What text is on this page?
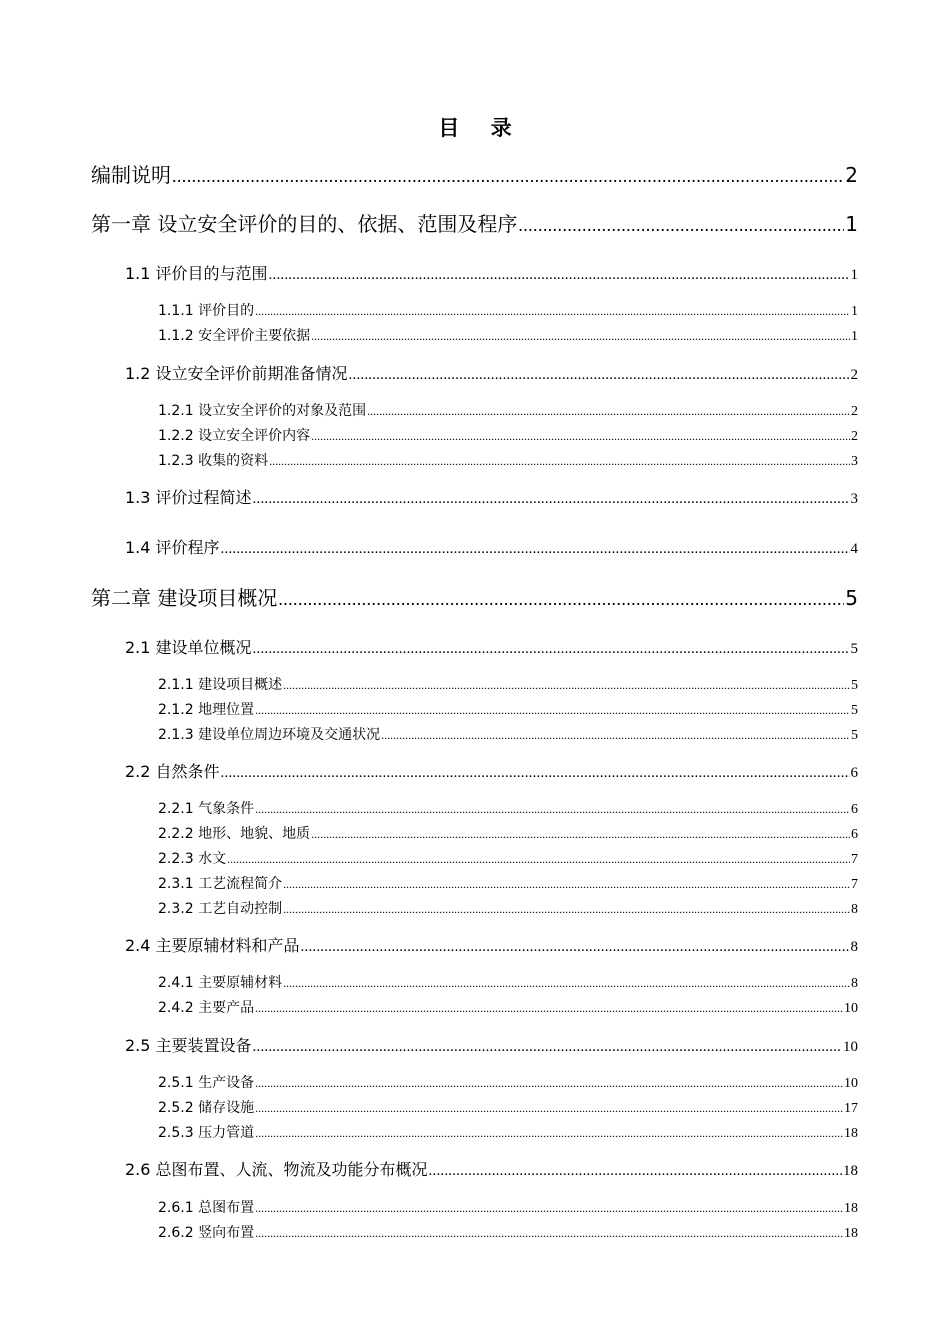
目 录
编制说明 .....	2
第一章 设立安全评价的目的、依据、范围及程序 .....	1
1.1 评价目的与范围 .....	1
1.1.1 评价目的 .....	1
1.1.2 安全评价主要依据 .....	1
1.2 设立安全评价前期准备情况 .....	2
1.2.1 设立安全评价的对象及范围 .....	2
1.2.2 设立安全评价内容 .....	2
1.2.3 收集的资料 .....	3
1.3 评价过程简述 .....	3
1.4 评价程序 .....	4
第二章 建设项目概况 .....	5
2.1 建设单位概况 .....	5
2.1.1 建设项目概述 .....	5
2.1.2 地理位置 .....	5
2.1.3 建设单位周边环境及交通状况 .....	5
2.2 自然条件 .....	6
2.2.1 气象条件 .....	6
2.2.2 地形、地貌、地质 .....	6
2.2.3 水文 .....	7
2.3.1 工艺流程简介 .....	7
2.3.2 工艺自动控制 .....	8
2.4 主要原辅材料和产品 .....	8
2.4.1 主要原辅材料 .....	8
2.4.2 主要产品 .....	10
2.5 主要装置设备 .....	10
2.5.1 生产设备 .....	10
2.5.2 储存设施 .....	17
2.5.3 压力管道 .....	18
2.6 总图布置、人流、物流及功能分布概况 .....	18
2.6.1 总图布置 .....	18
2.6.2 竖向布置 .....	18
